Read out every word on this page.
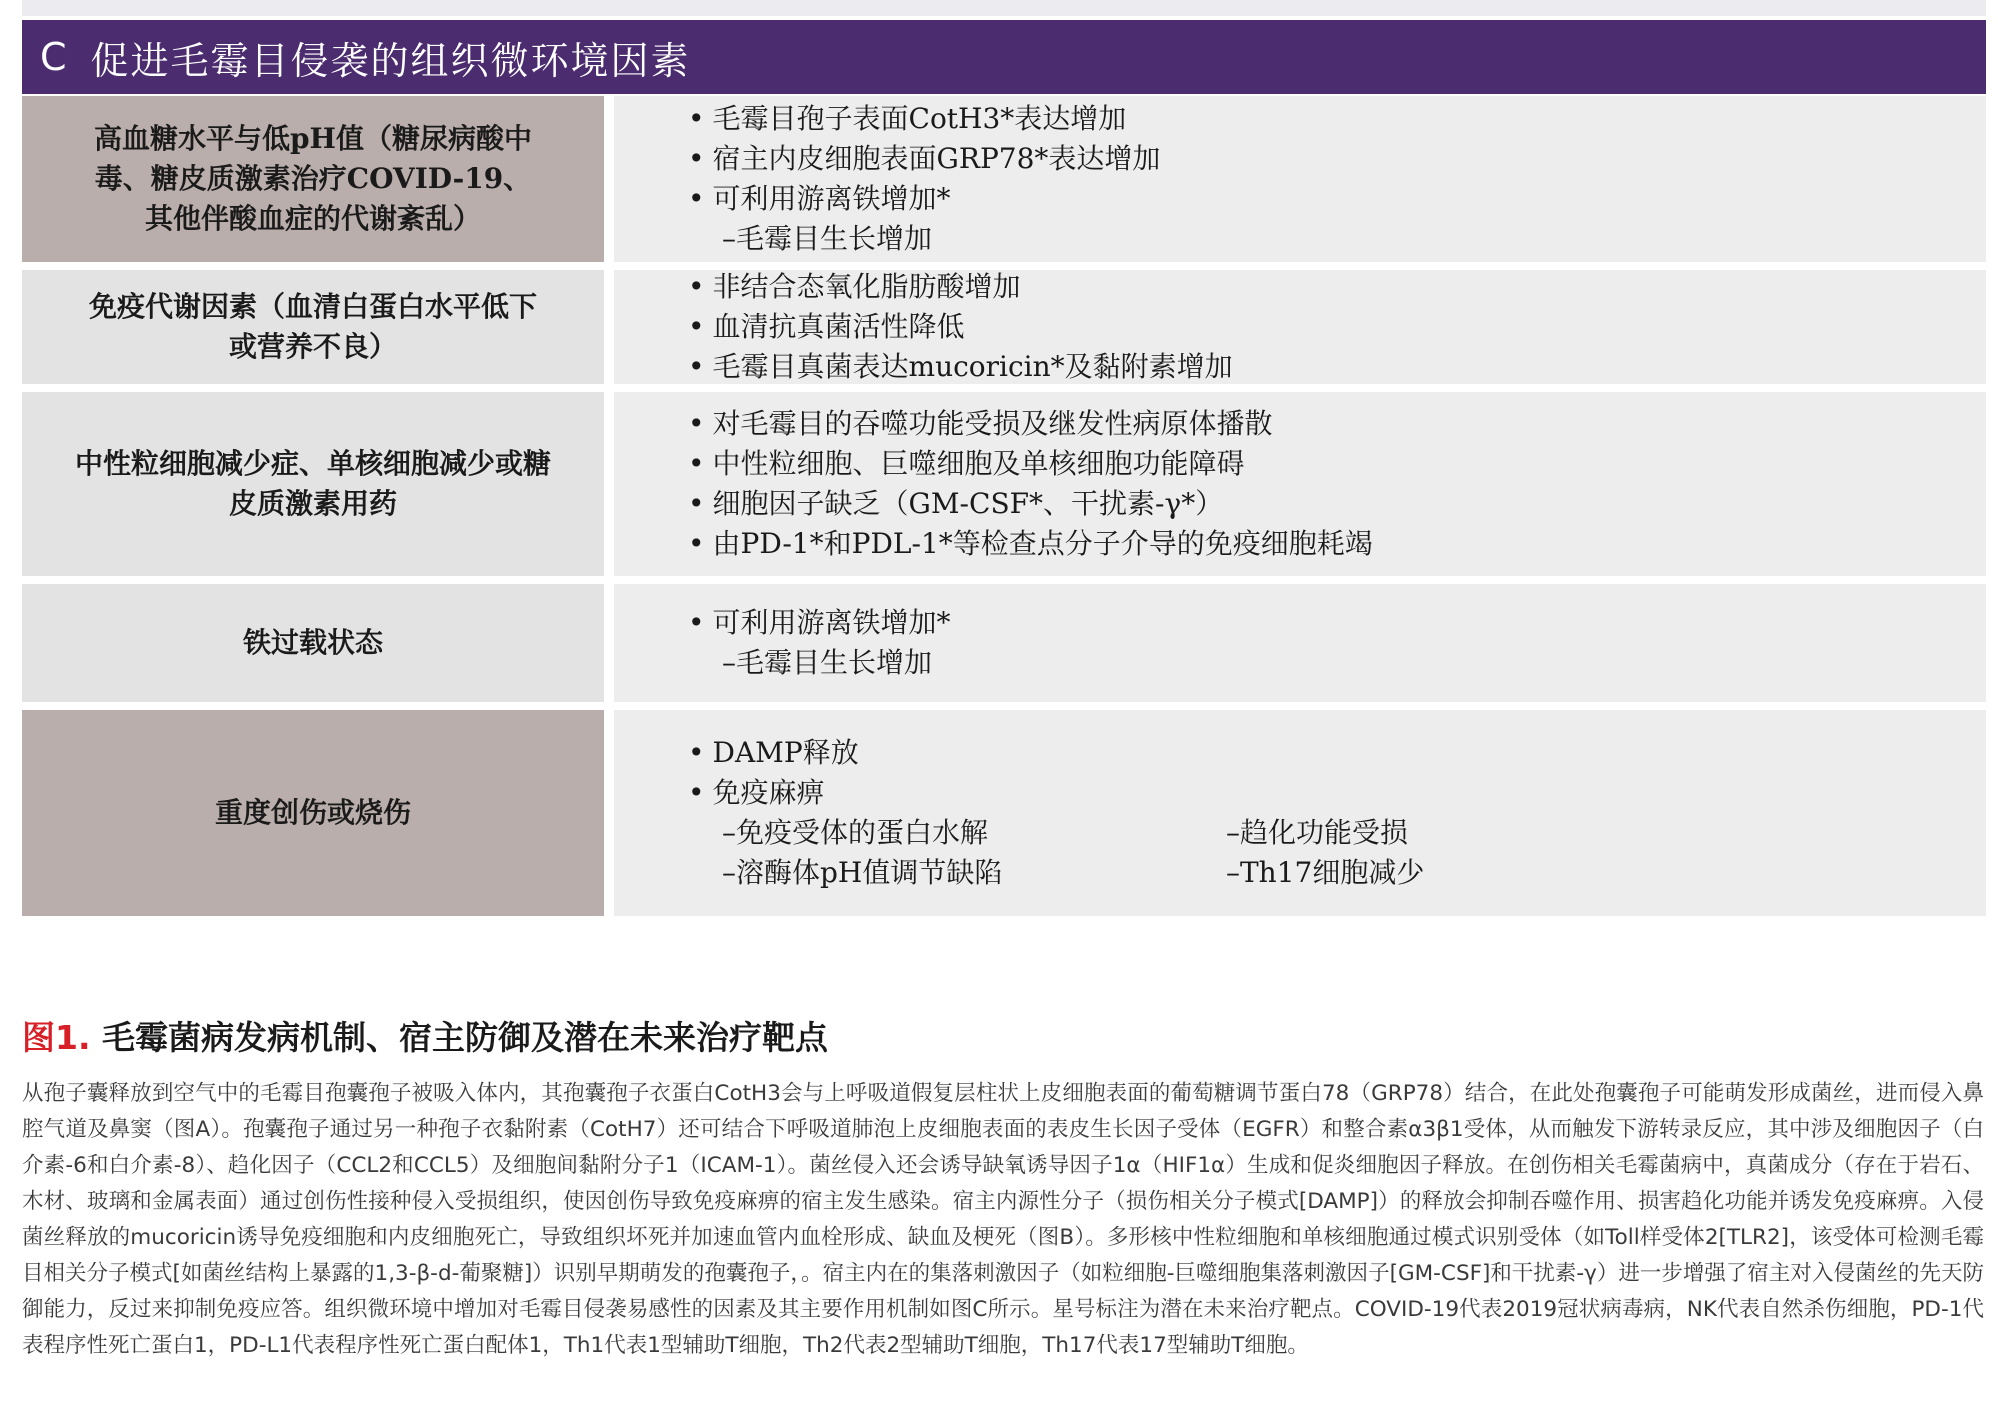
C 促进毛霉目侵袭的组织微环境因素
高血糖水平与低pH值（糖尿病酸中毒、糖皮质激素治疗COVID-19、其他伴酸血症的代谢紊乱）
• 毛霉目孢子表面CotH3*表达增加
• 宿主内皮细胞表面GRP78*表达增加
• 可利用游离铁增加*
– 毛霉目生长增加
免疫代谢因素（血清白蛋白水平低下或营养不良）
• 非结合态氧化脂肪酸增加
• 血清抗真菌活性降低
• 毛霉目真菌表达mucoricin*及黏附素增加
中性粒细胞减少症、单核细胞减少或糖皮质激素用药
• 对毛霉目的吞噬功能受损及继发性病原体播散
• 中性粒细胞、巨噬细胞及单核细胞功能障碍
• 细胞因子缺乏（GM-CSF*、干扰素-γ*）
• 由PD-1*和PDL-1*等检查点分子介导的免疫细胞耗竭
铁过载状态
• 可利用游离铁增加*
– 毛霉目生长增加
重度创伤或烧伤
• DAMP释放
• 免疫麻痹
– 免疫受体的蛋白水解	– 趋化功能受损
– 溶酶体pH值调节缺陷	– Th17细胞减少
图1. 毛霉菌病发病机制、宿主防御及潜在未来治疗靶点
从孢子囊释放到空气中的毛霉目孢囊孢子被吸入体内，其孢囊孢子衣蛋白CotH3会与上呼吸道假复层柱状上皮细胞表面的葡萄糖调节蛋白78（GRP78）结合，在此处孢囊孢子可能萌发形成菌丝，进而侵入鼻腔气道及鼻窦（图A）。孢囊孢子通过另一种孢子衣黏附素（CotH7）还可结合下呼吸道肺泡上皮细胞表面的表皮生长因子受体（EGFR）和整合素α3β1受体，从而触发下游转录反应，其中涉及细胞因子（白介素-6和白介素-8）、趋化因子（CCL2和CCL5）及细胞间黏附分子1（ICAM-1）。菌丝侵入还会诱导缺氧诱导因子1α（HIF1α）生成和促炎细胞因子释放。在创伤相关毛霉菌病中，真菌成分（存在于岩石、木材、玻璃和金属表面）通过创伤性接种侵入受损组织，使因创伤导致免疫麻痹的宿主发生感染。宿主内源性分子（损伤相关分子模式[DAMP]）的释放会抑制吞噬作用、损害趋化功能并诱发免疫麻痹。入侵菌丝释放的mucoricin诱导免疫细胞和内皮细胞死亡，导致组织坏死并加速血管内血栓形成、缺血及梗死（图B）。多形核中性粒细胞和单核细胞通过模式识别受体（如Toll样受体2[TLR2]，该受体可检测毛霉目相关分子模式[如菌丝结构上暴露的1,3-β-d-葡聚糖]）识别早期萌发的孢囊孢子，。宿主内在的集落刺激因子（如粒细胞-巨噬细胞集落刺激因子[GM-CSF]和干扰素-γ）进一步增强了宿主对入侵菌丝的先天防御能力，反过来抑制免疫应答。组织微环境中增加对毛霉目侵袭易感性的因素及其主要作用机制如图C所示。星号标注为潜在未来治疗靶点。COVID-19代表2019冠状病毒病，NK代表自然杀伤细胞，PD-1代表程序性死亡蛋白1，PD-L1代表程序性死亡蛋白配体1，Th1代表1型辅助T细胞，Th2代表2型辅助T细胞，Th17代表17型辅助T细胞。
